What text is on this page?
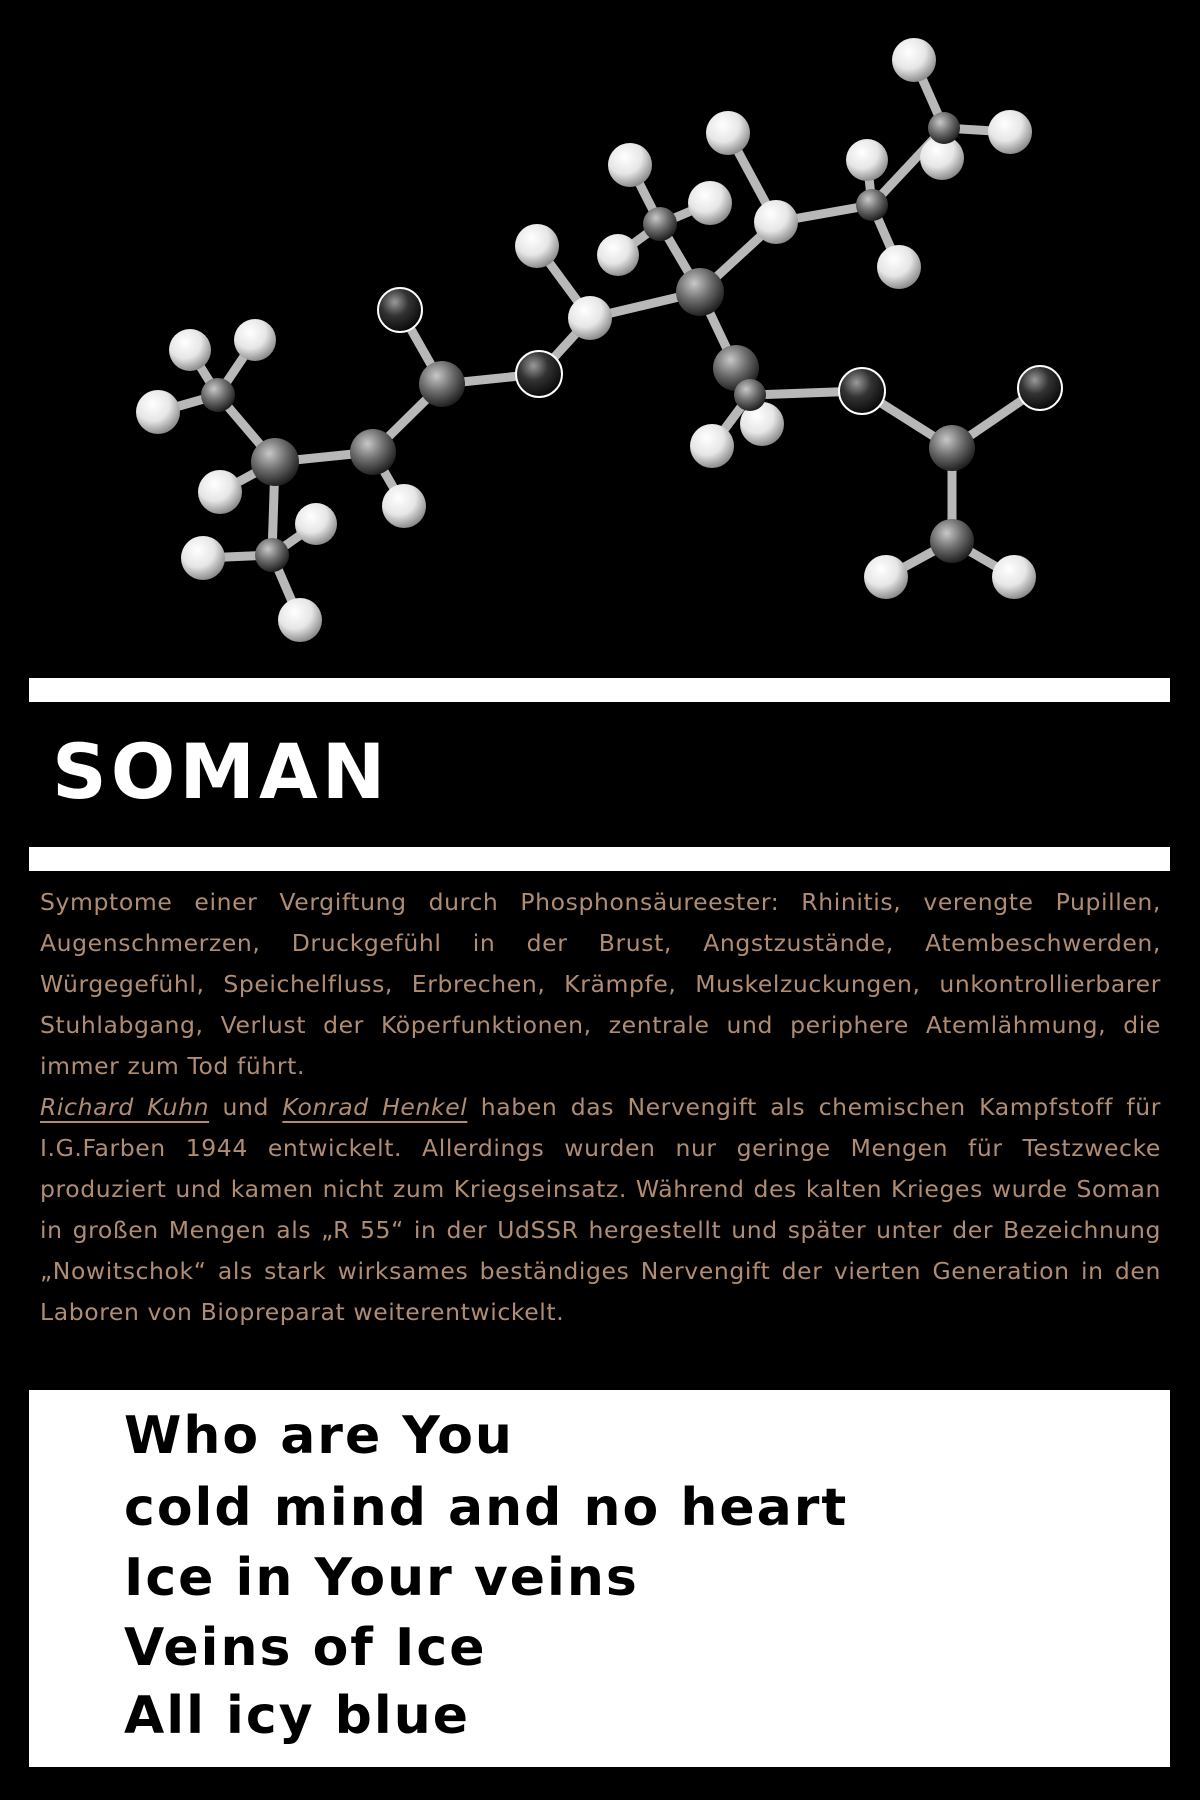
SOMAN

Symptome einer Vergiftung durch Phosphonsäureester: Rhinitis, verengte Pupillen, Augenschmerzen, Druckgefühl in der Brust, Angstzustände, Atembeschwerden, Würgegefühl, Speichelfluss, Erbrechen, Krämpfe, Muskelzuckungen, unkontrollierbarer Stuhlabgang, Verlust der Köperfunktionen, zentrale und periphere Atemlähmung, die immer zum Tod führt.

Richard Kuhn und Konrad Henkel haben das Nervengift als chemischen Kampfstoff für I.G.Farben 1944 entwickelt. Allerdings wurden nur geringe Mengen für Testzwecke produziert und kamen nicht zum Kriegseinsatz. Während des kalten Krieges wurde Soman in großen Mengen als „R 55“ in der UdSSR hergestellt und später unter der Bezeichnung „Nowitschok“ als stark wirksames beständiges Nervengift der vierten Generation in den Laboren von Biopreparat weiterentwickelt.

Who are You

cold mind and no heart

Ice in Your veins

Veins of Ice

All icy blue
